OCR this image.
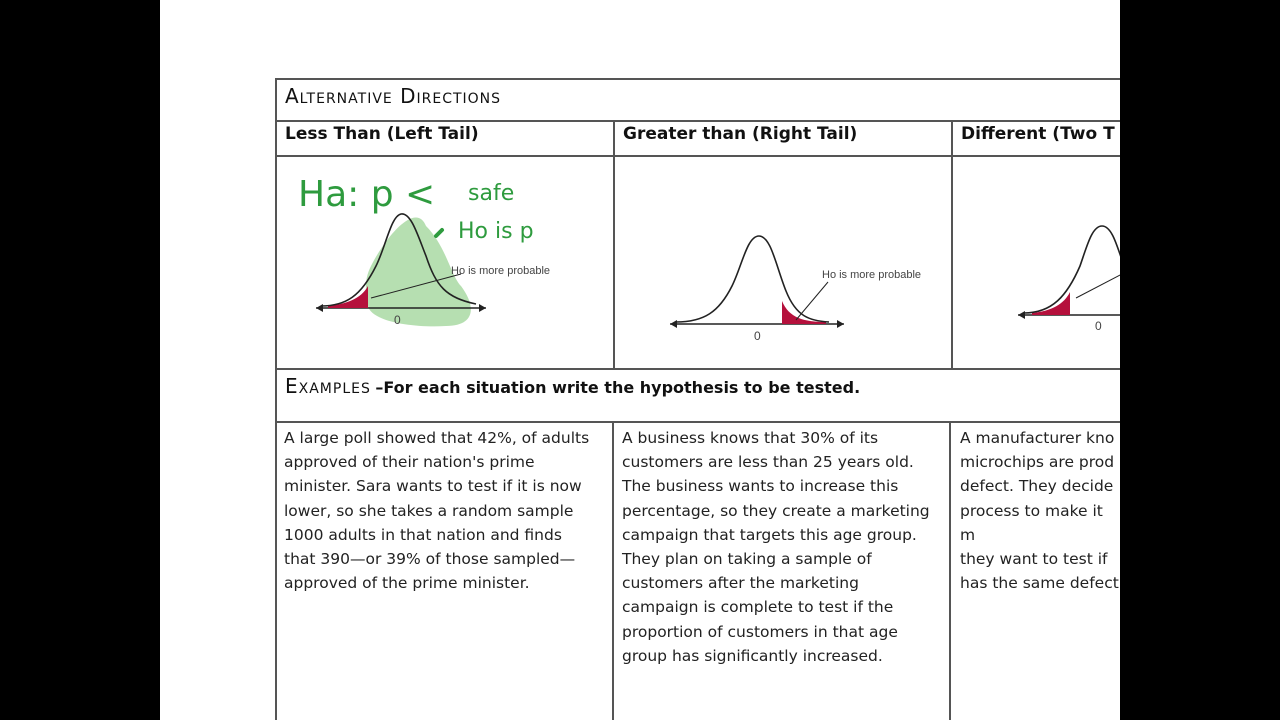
Alternative Directions
Less Than (Left Tail)	Greater than (Right Tail)	Different (Two T
Ho is more probable
0
Ha: p < safe
Ho is p
Ho is more probable
0
0
Examples –For each situation write the hypothesis to be tested.
A large poll showed that 42%, of adults
approved of their nation's prime
minister. Sara wants to test if it is now
lower, so she takes a random sample
1000 adults in that nation and finds
that 390—or 39% of those sampled—
approved of the prime minister.
A business knows that 30% of its
customers are less than 25 years old.
The business wants to increase this
percentage, so they create a marketing
campaign that targets this age group.
They plan on taking a sample of
customers after the marketing
campaign is complete to test if the
proportion of customers in that age
group has significantly increased.
A manufacturer kno
microchips are prod
defect. They decide
process to make it m
they want to test if
has the same defect
